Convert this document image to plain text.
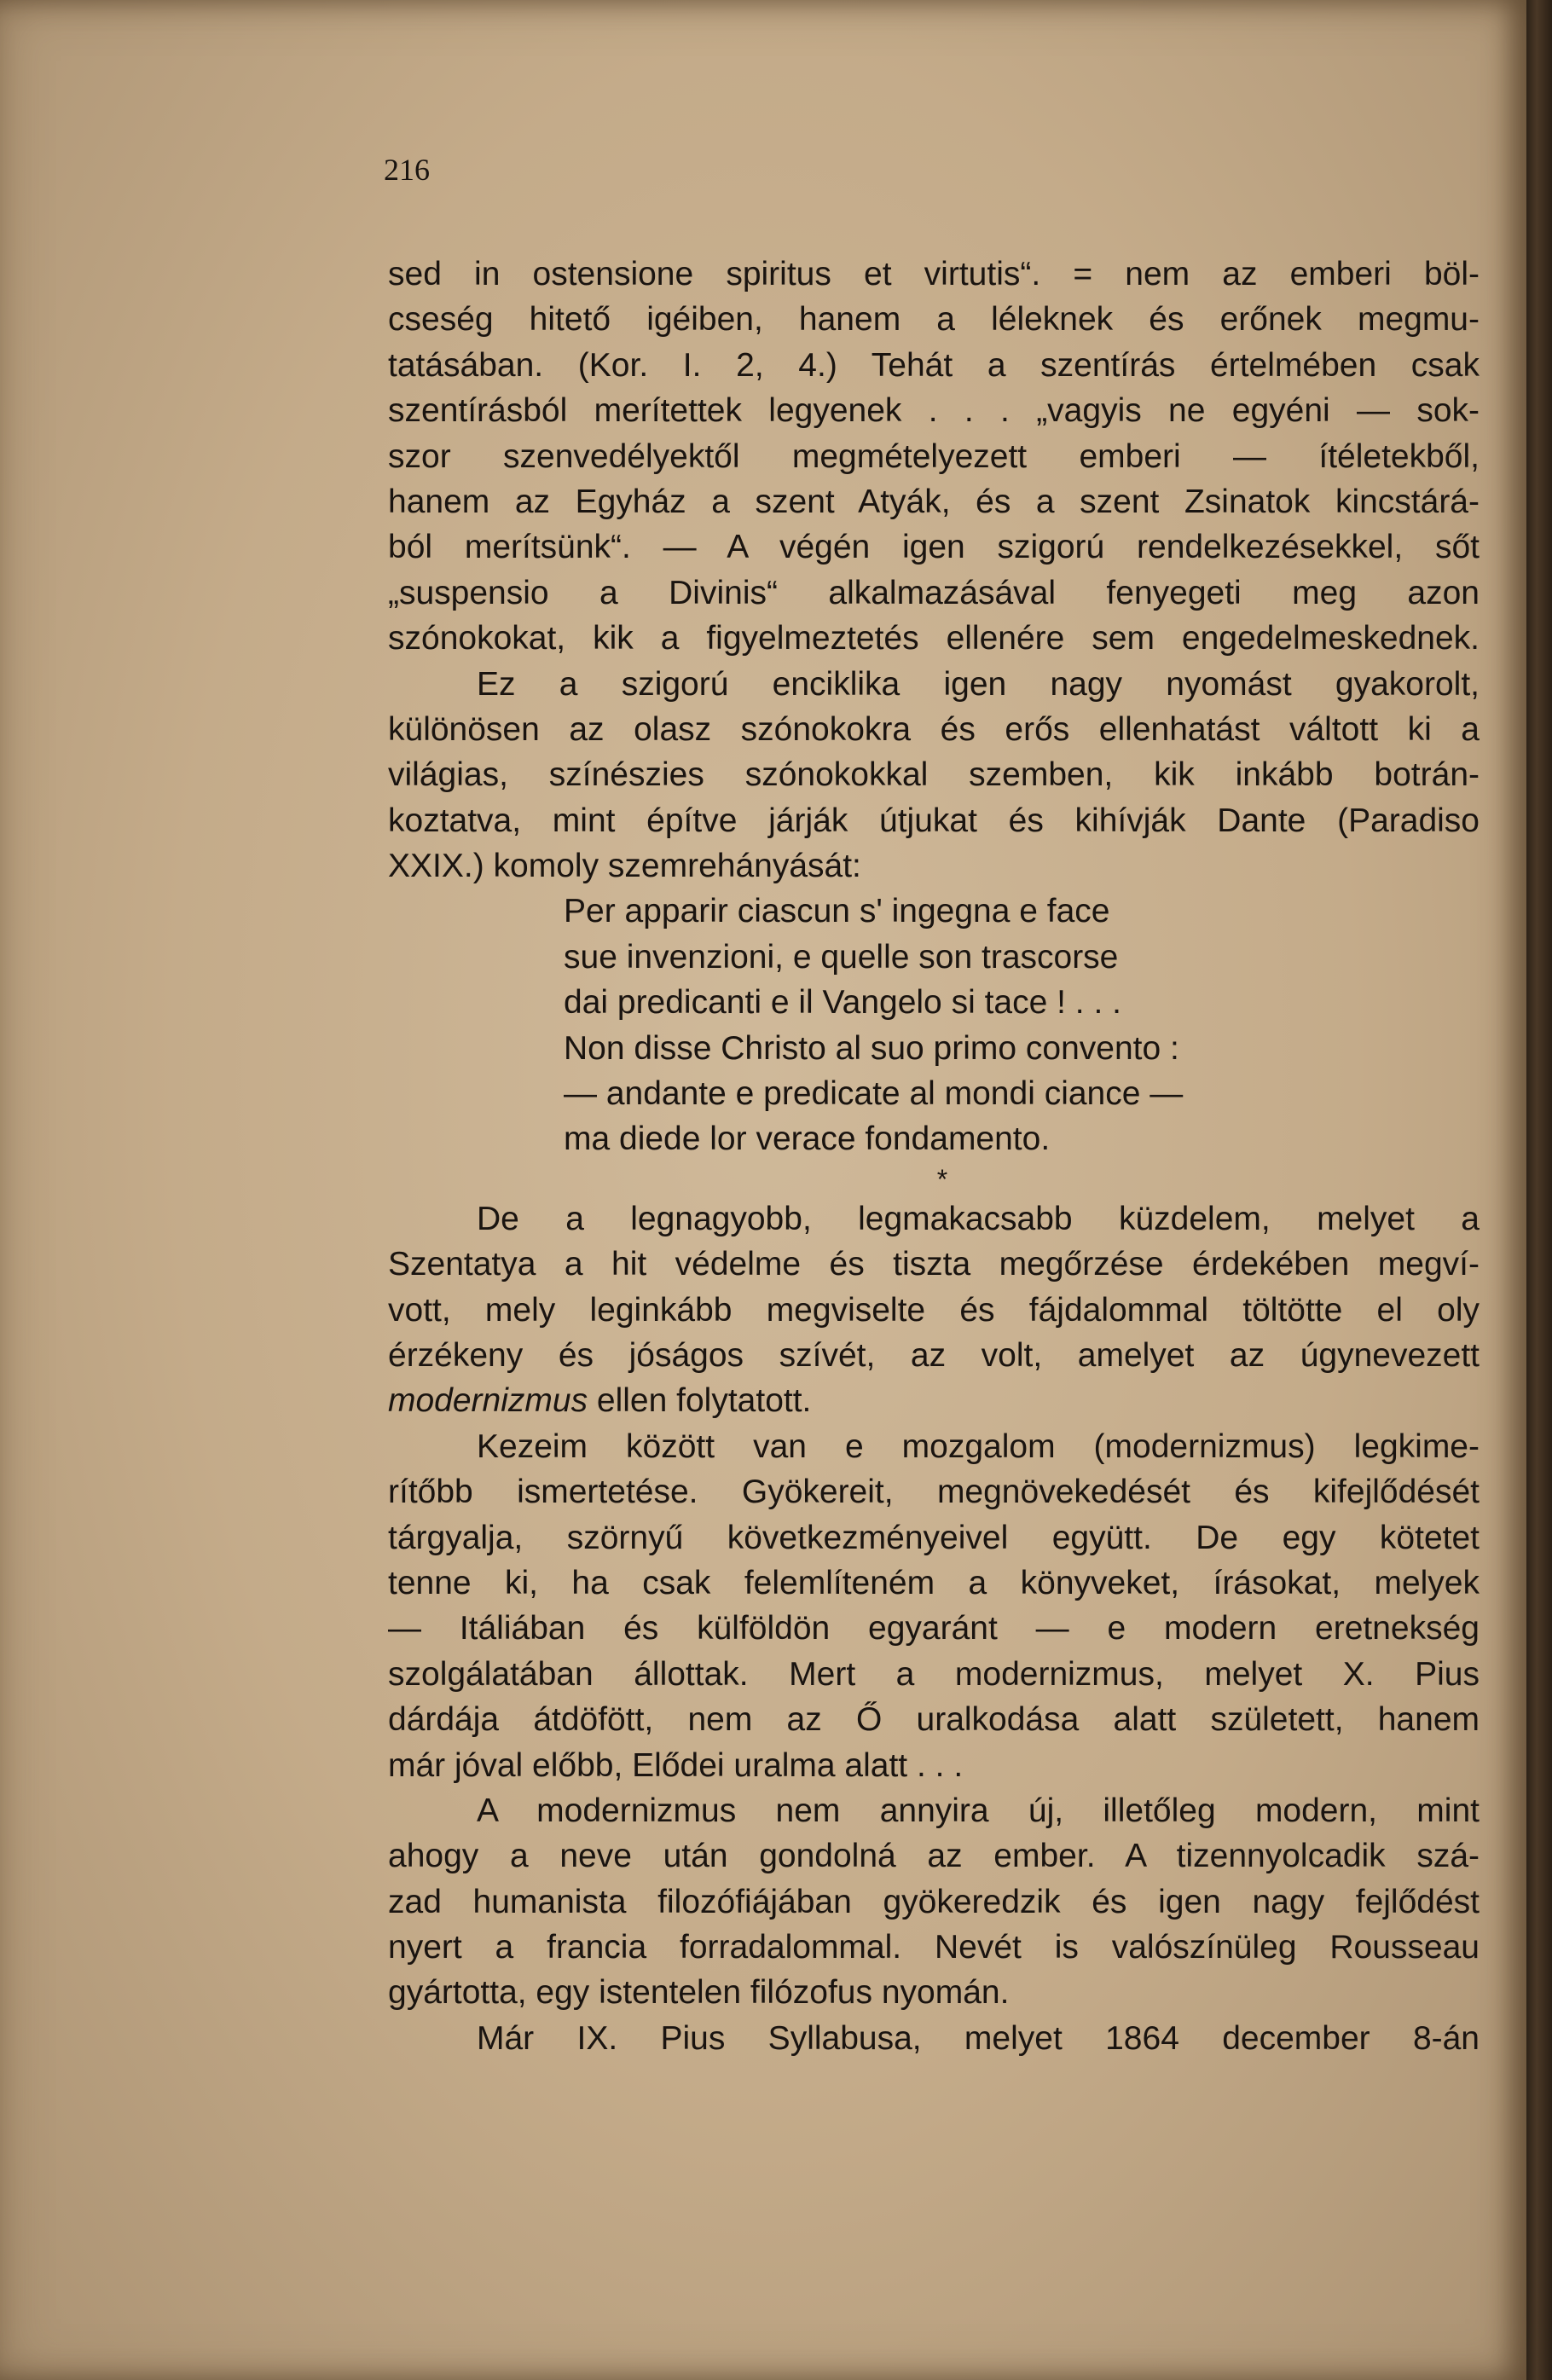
216
sed in ostensione spiritus et virtutis“. = nem az emberi böl-
cseség hitető igéiben, hanem a léleknek és erőnek megmu-
tatásában. (Kor. I. 2, 4.) Tehát a szentírás értelmében csak
szentírásból merítettek legyenek . . . „vagyis ne egyéni — sok-
szor szenvedélyektől megmételyezett emberi — ítéletekből,
hanem az Egyház a szent Atyák, és a szent Zsinatok kincstárá-
ból merítsünk“. — A végén igen szigorú rendelkezésekkel, sőt
„suspensio a Divinis“ alkalmazásával fenyegeti meg azon
szónokokat, kik a figyelmeztetés ellenére sem engedelmeskednek.
Ez a szigorú enciklika igen nagy nyomást gyakorolt,
különösen az olasz szónokokra és erős ellenhatást váltott ki a
világias, színészies szónokokkal szemben, kik inkább botrán-
koztatva, mint építve járják útjukat és kihívják Dante (Paradiso
XXIX.) komoly szemrehányását:
Per apparir ciascun s' ingegna e face
sue invenzioni, e quelle son trascorse
dai predicanti e il Vangelo si tace ! . . .
Non disse Christo al suo primo convento :
— andante e predicate al mondi ciance —
ma diede lor verace fondamento.
*
De a legnagyobb, legmakacsabb küzdelem, melyet a
Szentatya a hit védelme és tiszta megőrzése érdekében megví-
vott, mely leginkább megviselte és fájdalommal töltötte el oly
érzékeny és jóságos szívét, az volt, amelyet az úgynevezett
modernizmus ellen folytatott.
Kezeim között van e mozgalom (modernizmus) legkime-
rítőbb ismertetése. Gyökereit, megnövekedését és kifejlődését
tárgyalja, szörnyű következményeivel együtt. De egy kötetet
tenne ki, ha csak felemlíteném a könyveket, írásokat, melyek
— Itáliában és külföldön egyaránt — e modern eretnekség
szolgálatában állottak. Mert a modernizmus, melyet X. Pius
dárdája átdöfött, nem az Ő uralkodása alatt született, hanem
már jóval előbb, Elődei uralma alatt . . .
A modernizmus nem annyira új, illetőleg modern, mint
ahogy a neve után gondolná az ember. A tizennyolcadik szá-
zad humanista filozófiájában gyökeredzik és igen nagy fejlődést
nyert a francia forradalommal. Nevét is valószínüleg Rousseau
gyártotta, egy istentelen filózofus nyomán.
Már IX. Pius Syllabusa, melyet 1864 december 8-án
